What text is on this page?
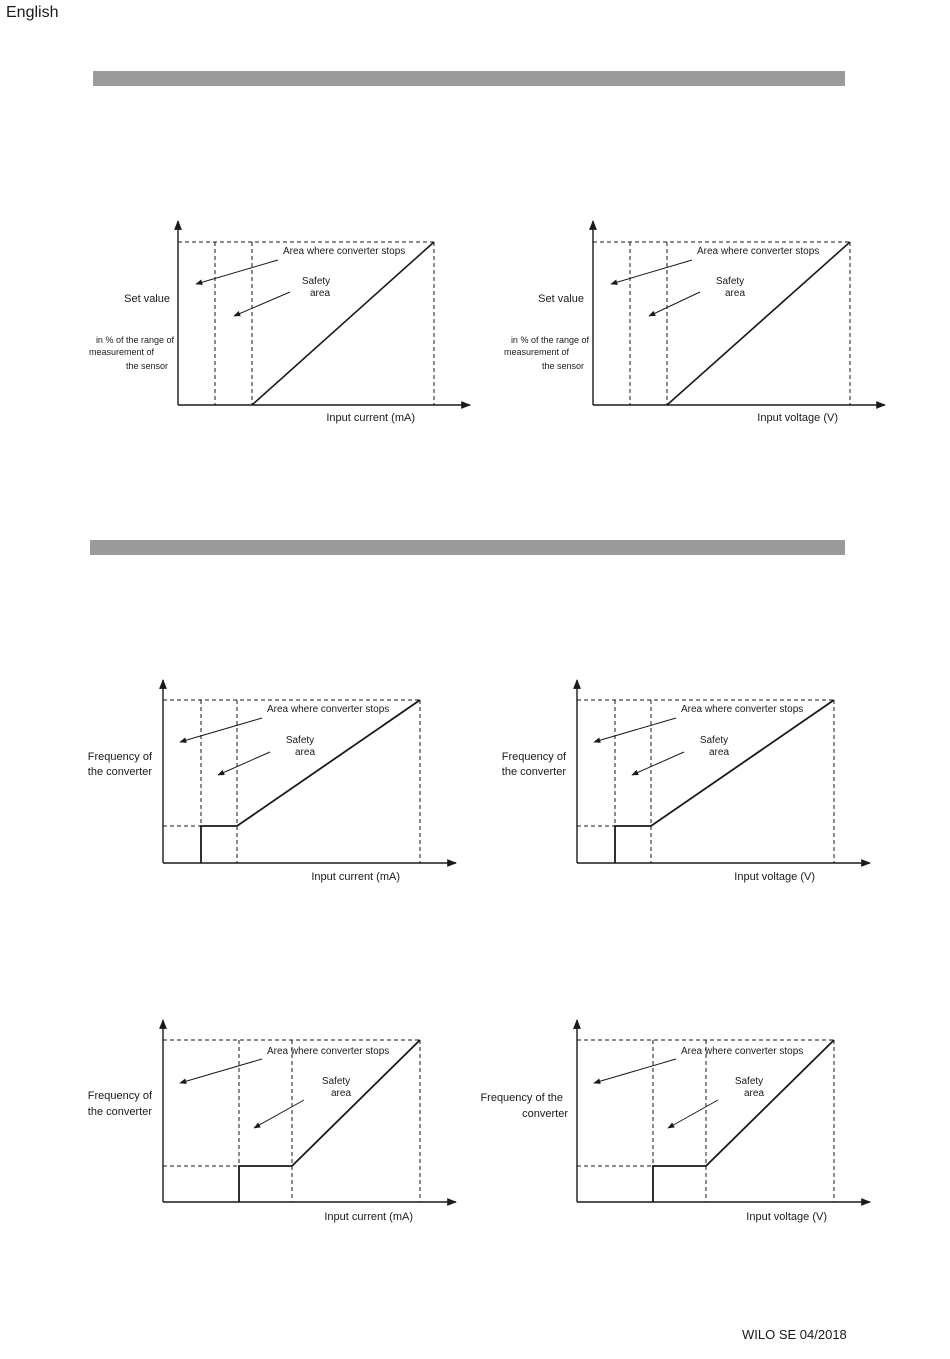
English
Area where converter stops
Safety
area
Set value
in % of the range of
measurement of
the sensor
Input current (mA)
Area where converter stops
Safety
area
Set value
in % of the range of
measurement of
the sensor
Input voltage (V)
Area where converter stops
Safety
area
Frequency of
the converter
Input current (mA)
Area where converter stops
Safety
area
Frequency of
the converter
Input voltage (V)
Area where converter stops
Safety
area
Frequency of
the converter
Input current (mA)
Area where converter stops
Safety
area
Frequency of the
converter
Input voltage (V)
WILO SE 04/2018
